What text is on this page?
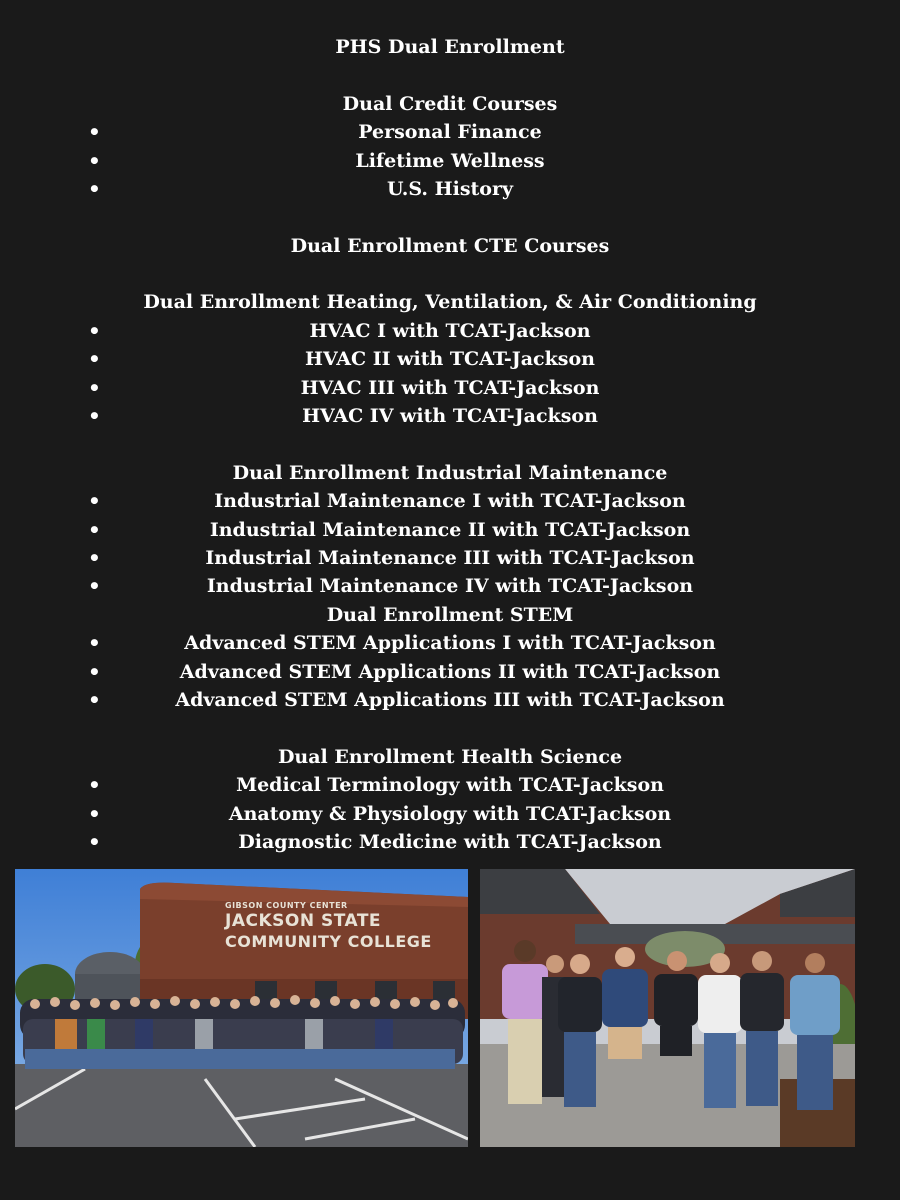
PHS Dual Enrollment
Dual Credit Courses
•	Personal Finance
•	Lifetime Wellness
•	U.S. History
Dual Enrollment CTE Courses
Dual Enrollment Heating, Ventilation, & Air Conditioning
•	HVAC I with TCAT-Jackson
•	HVAC II with TCAT-Jackson
•	HVAC III with TCAT-Jackson
•	HVAC IV with TCAT-Jackson
Dual Enrollment Industrial Maintenance
•	Industrial Maintenance I with TCAT-Jackson
•	Industrial Maintenance II with TCAT-Jackson
•	Industrial Maintenance III with TCAT-Jackson
•	Industrial Maintenance IV with TCAT-Jackson
Dual Enrollment STEM
•	Advanced STEM Applications I with TCAT-Jackson
•	Advanced STEM Applications II with TCAT-Jackson
•	Advanced STEM Applications III with TCAT-Jackson
Dual Enrollment Health Science
•	Medical Terminology with TCAT-Jackson
•	Anatomy & Physiology with TCAT-Jackson
•	Diagnostic Medicine with TCAT-Jackson
GIBSON COUNTY CENTER
JACKSON STATE
COMMUNITY COLLEGE
